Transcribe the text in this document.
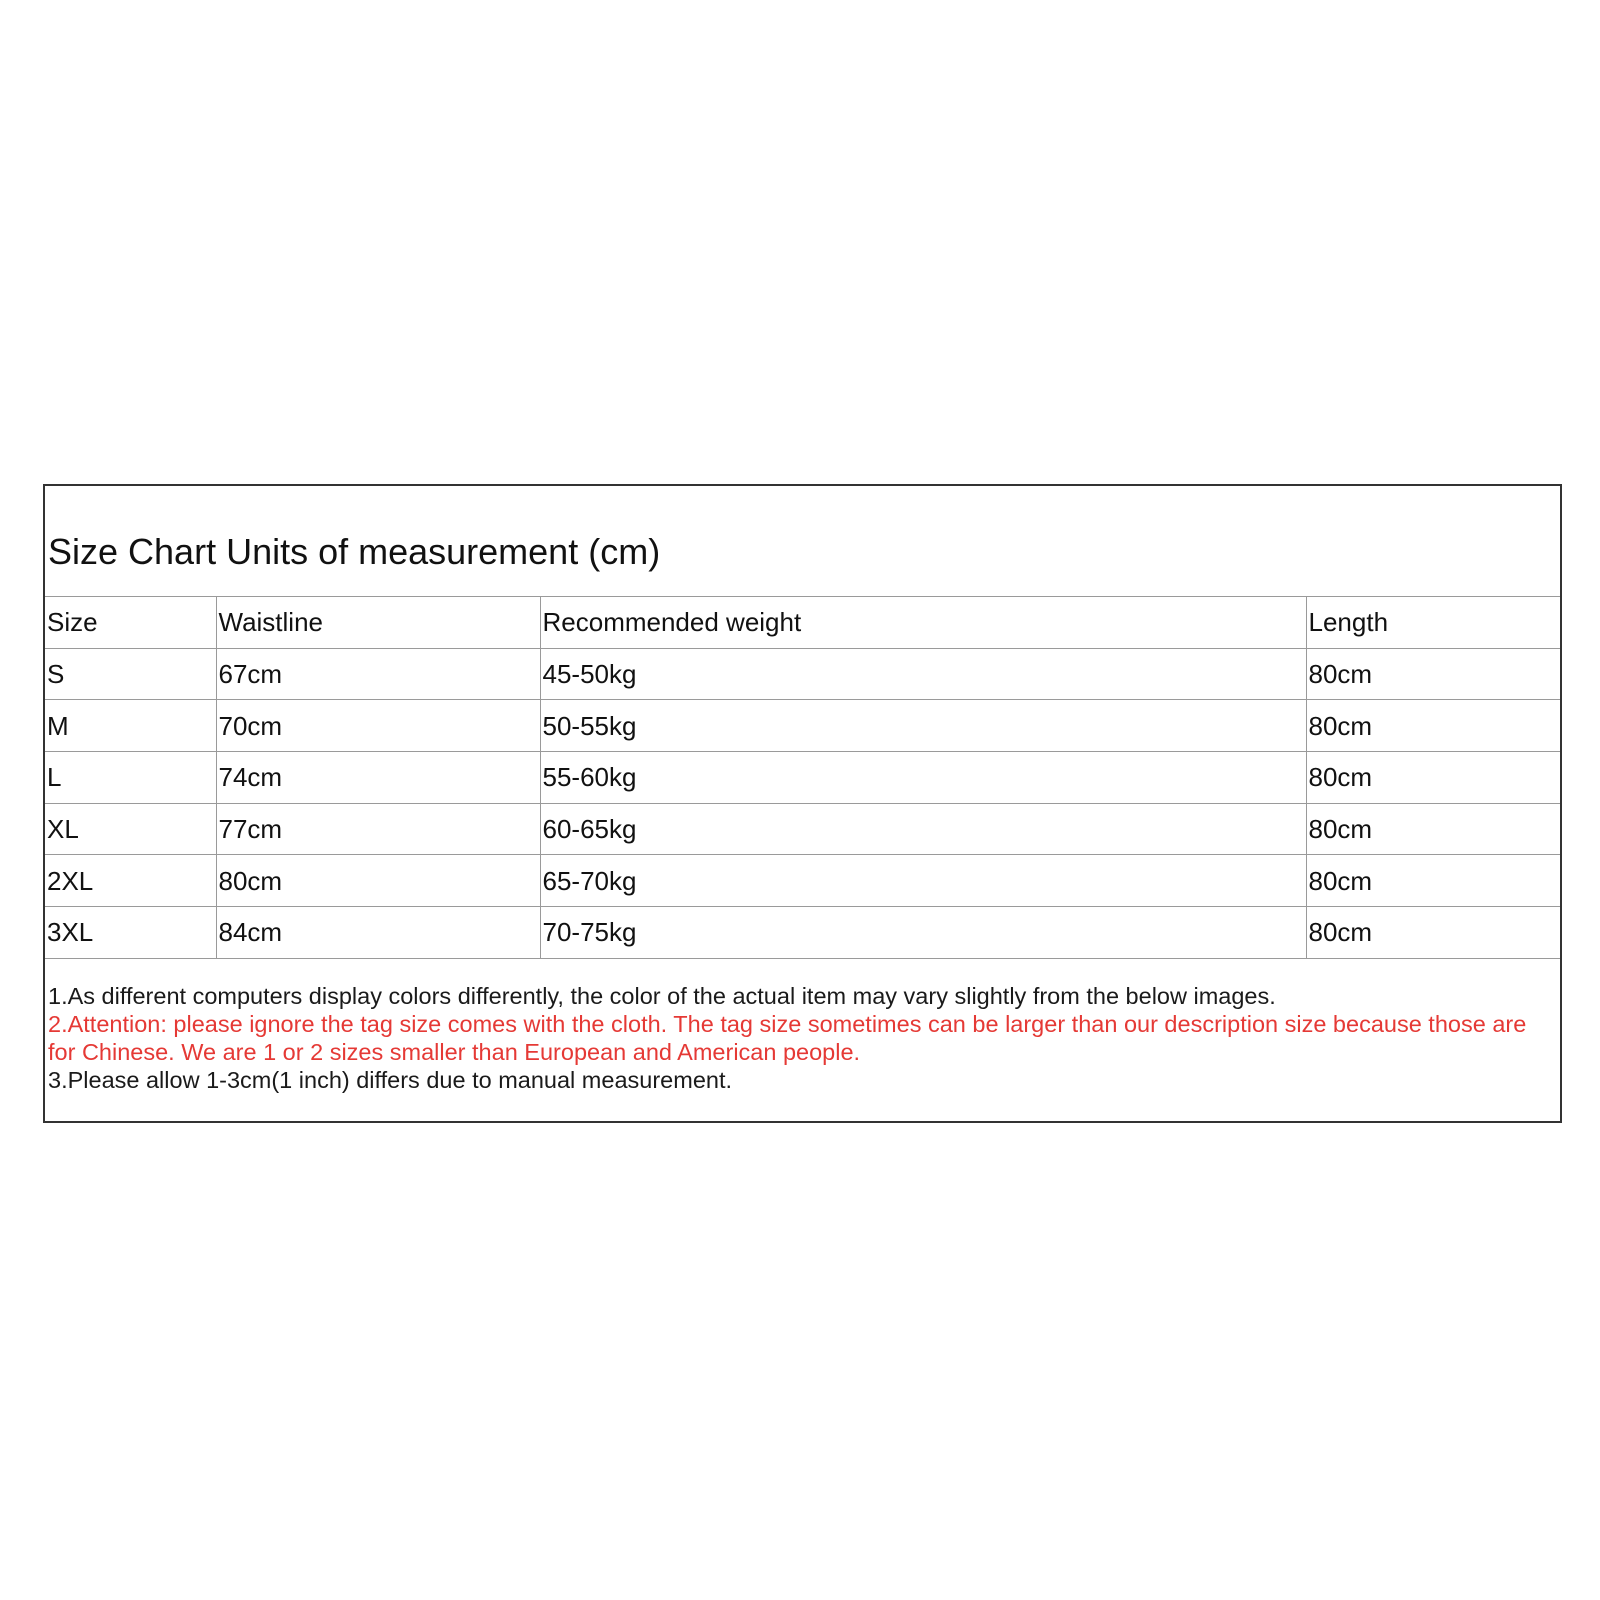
Size Chart Units of measurement (cm)
Size	Waistline	Recommended weight	Length
S	67cm	45-50kg	80cm
M	70cm	50-55kg	80cm
L	74cm	55-60kg	80cm
XL	77cm	60-65kg	80cm
2XL	80cm	65-70kg	80cm
3XL	84cm	70-75kg	80cm

1.As different computers display colors differently, the color of the actual item may vary slightly from the below images.

2.Attention: please ignore the tag size comes with the cloth. The tag size sometimes can be larger than our description size because those are for Chinese. We are 1 or 2 sizes smaller than European and American people.

3.Please allow 1-3cm(1 inch) differs due to manual measurement.
